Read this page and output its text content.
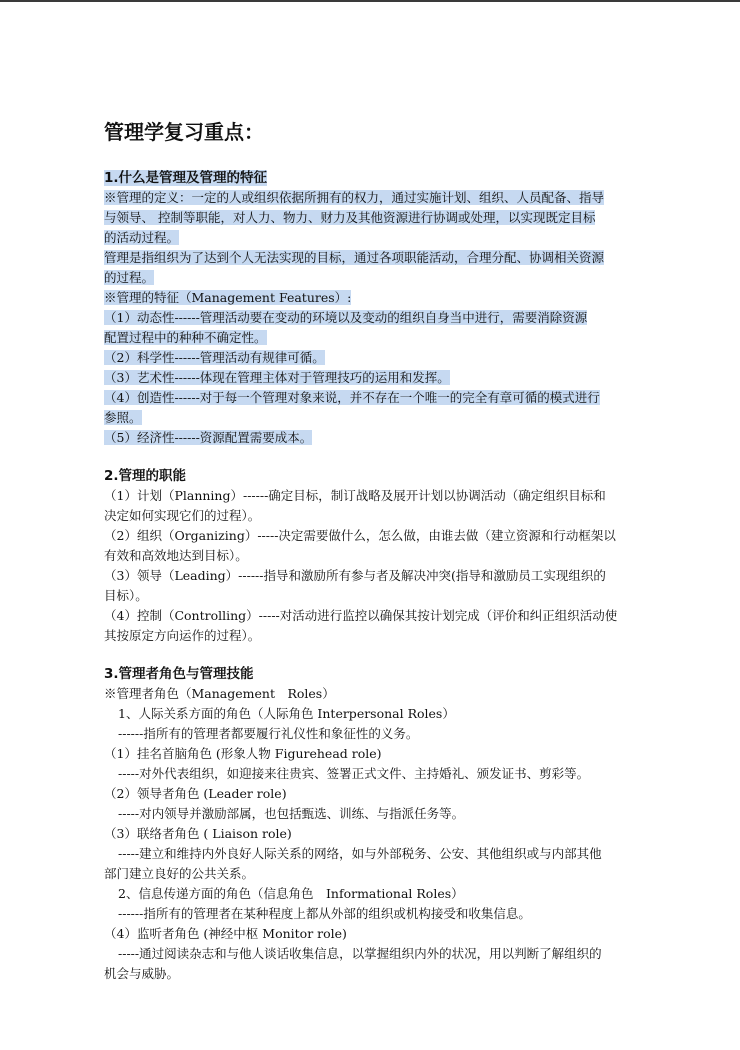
管理学复习重点：
1.什么是管理及管理的特征
※管理的定义：一定的人或组织依据所拥有的权力，通过实施计划、组织、人员配备、指导
与领导、 控制等职能，对人力、物力、财力及其他资源进行协调或处理，以实现既定目标
的活动过程。
管理是指组织为了达到个人无法实现的目标，通过各项职能活动，合理分配、协调相关资源
的过程。
※管理的特征（Management Features）:
（1）动态性------管理活动要在变动的环境以及变动的组织自身当中进行，需要消除资源
配置过程中的种种不确定性。
（2）科学性------管理活动有规律可循。
（3）艺术性------体现在管理主体对于管理技巧的运用和发挥。
（4）创造性------对于每一个管理对象来说，并不存在一个唯一的完全有章可循的模式进行
参照。
（5）经济性------资源配置需要成本。
2.管理的职能
（1）计划（Planning）------确定目标，制订战略及展开计划以协调活动（确定组织目标和
决定如何实现它们的过程）。
（2）组织（Organizing）-----决定需要做什么，怎么做，由谁去做（建立资源和行动框架以
有效和高效地达到目标）。
（3）领导（Leading）------指导和激励所有参与者及解决冲突(指导和激励员工实现组织的
目标）。
（4）控制（Controlling）-----对活动进行监控以确保其按计划完成（评价和纠正组织活动使
其按原定方向运作的过程）。
3.管理者角色与管理技能
※管理者角色（Management　Roles）
1、人际关系方面的角色（人际角色 Interpersonal Roles）
------指所有的管理者都要履行礼仪性和象征性的义务。
（1）挂名首脑角色 (形象人物 Figurehead role)
-----对外代表组织，如迎接来往贵宾、签署正式文件、主持婚礼、颁发证书、剪彩等。
（2）领导者角色 (Leader role)
-----对内领导并激励部属，也包括甄选、训练、与指派任务等。
（3）联络者角色 ( Liaison role)
-----建立和维持内外良好人际关系的网络，如与外部税务、公安、其他组织或与内部其他
部门建立良好的公共关系。
2、信息传递方面的角色（信息角色　Informational Roles）
------指所有的管理者在某种程度上都从外部的组织或机构接受和收集信息。
（4）监听者角色 (神经中枢 Monitor role)
-----通过阅读杂志和与他人谈话收集信息，以掌握组织内外的状况，用以判断了解组织的
机会与威胁。
